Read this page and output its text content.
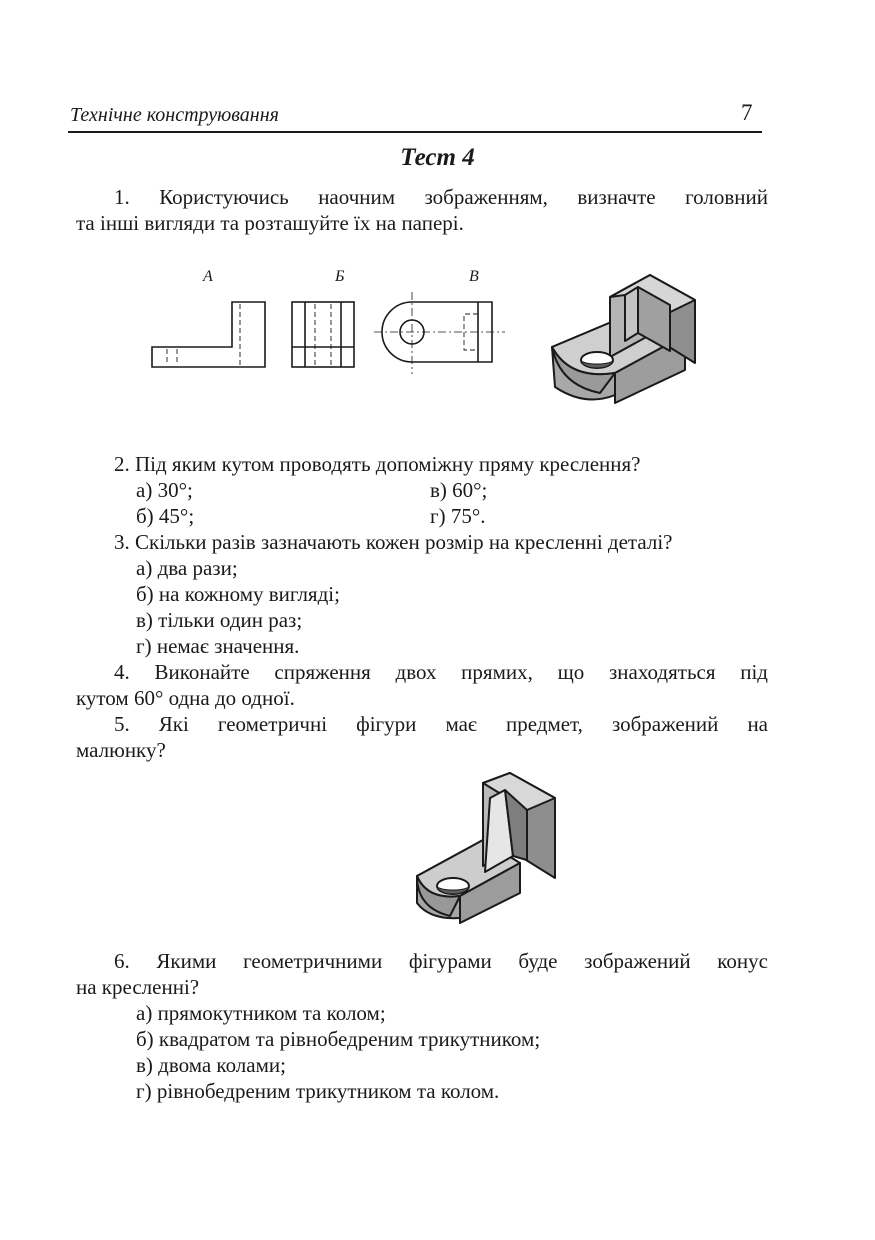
Технічне конструювання	7
Тест 4
1. Користуючись наочним зображенням, визначте головний
та інші вигляди та розташуйте їх на папері.
А	Б	В
2. Під яким кутом проводять допоміжну пряму креслення?
а) 30°;	в) 60°;
б) 45°;	г) 75°.
3. Скільки разів зазначають кожен розмір на кресленні деталі?
а) два рази;
б) на кожному вигляді;
в) тільки один раз;
г) немає значення.
4. Виконайте спряження двох прямих, що знаходяться під
кутом 60° одна до одної.
5. Які геометричні фігури має предмет, зображений на
малюнку?
6. Якими геометричними фігурами буде зображений конус
на кресленні?
а) прямокутником та колом;
б) квадратом та рівнобедреним трикутником;
в) двома колами;
г) рівнобедреним трикутником та колом.
